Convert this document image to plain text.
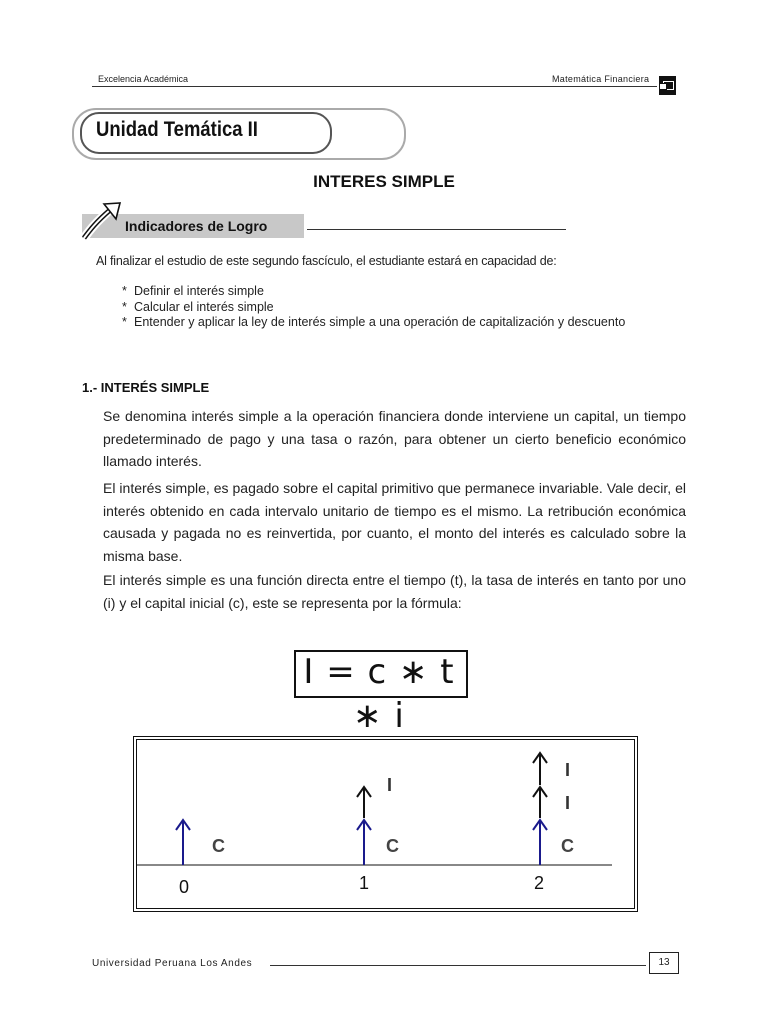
Excelencia Académica	Matemática Financiera
Unidad Temática II
INTERES SIMPLE
Indicadores de Logro
Al finalizar el estudio de este segundo fascículo, el estudiante estará en capacidad de:
* Definir el interés simple
* Calcular el interés simple
* Entender y aplicar la ley de interés simple a una operación de capitalización y descuento
1.- INTERÉS SIMPLE
Se denomina interés simple a la operación financiera donde interviene un capital, un tiempo predeterminado de pago y una tasa o razón, para obtener un cierto beneficio económico llamado interés.
El interés simple, es pagado sobre el capital primitivo que permanece invariable. Vale decir, el interés obtenido en cada intervalo unitario de tiempo es el mismo. La retribución económica causada y pagada no es reinvertida, por cuanto, el monto del interés es calculado sobre la misma base.
El interés simple es una función directa entre el tiempo (t), la tasa de interés en tanto por uno (i) y el capital inicial (c), este se representa por la fórmula:
I = c ∗ t ∗ i
C	C	C
I
I
I
0	1	2
Universidad Peruana Los Andes	13
